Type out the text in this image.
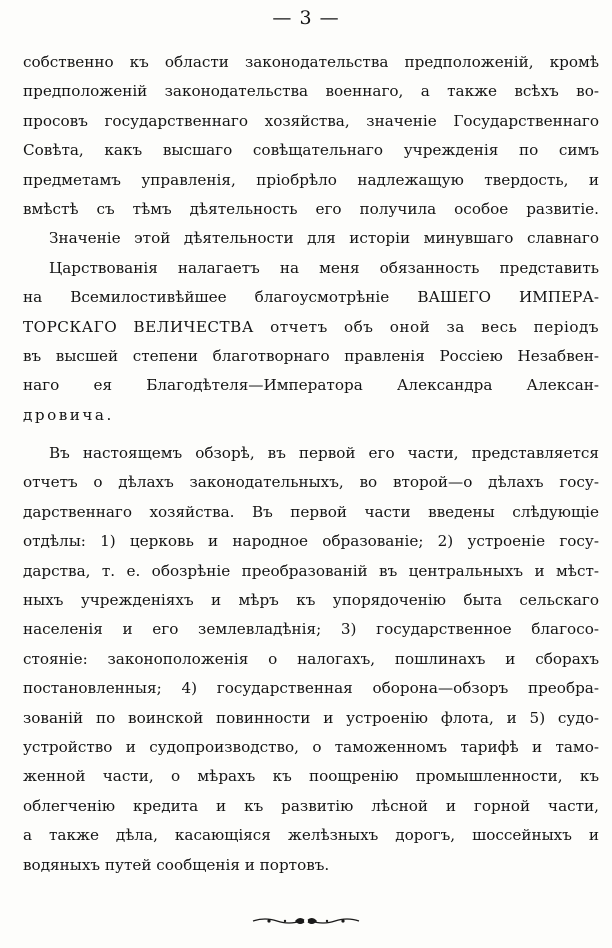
— 3 —
собственно къ области законодательства предположенiй, кромѣ
предположенiй законодательства военнаго, а также всѣхъ во-
просовъ государственнаго хозяйства, значенiе Государственнаго
Совѣта, какъ высшаго совѣщательнаго учрежденiя по симъ
предметамъ управленiя, прiобрѣло надлежащую твердость, и
вмѣстѣ съ тѣмъ дѣятельность его получила особое развитiе.
Значенiе этой дѣятельности для исторiи минувшаго славнаго
Царствованiя налагаетъ на меня обязанность представить
на Всемилостивѣйшее благоусмотрѣнiе ВАШЕГО ИМПЕРА-
ТОРСКАГО ВЕЛИЧЕСТВА отчетъ объ оной за весь перiодъ
въ высшей степени благотворнаго правленiя Россiею Незабвен-
наго ея Благодѣтеля—Императора Александра Алексан-
дровича.
Въ настоящемъ обзорѣ, въ первой его части, представляется
отчетъ о дѣлахъ законодательныхъ, во второй—о дѣлахъ госу-
дарственнаго хозяйства. Въ первой части введены слѣдующiе
отдѣлы: 1) церковь и народное образованiе; 2) устроенiе госу-
дарства, т. е. обозрѣнiе преобразованiй въ центральныхъ и мѣст-
ныхъ учрежденiяхъ и мѣръ къ упорядоченiю быта сельскаго
населенiя и его землевладѣнiя; 3) государственное благосо-
стоянiе: законоположенiя о налогахъ, пошлинахъ и сборахъ
постановленныя; 4) государственная оборона—обзоръ преобра-
зованiй по воинской повинности и устроенiю флота, и 5) судо-
устройство и судопроизводство, о таможенномъ тарифѣ и тамо-
женной части, о мѣрахъ къ поощренiю промышленности, къ
облегченiю кредита и къ развитiю лѣсной и горной части,
а также дѣла, касающiяся желѣзныхъ дорогъ, шоссейныхъ и
водяныхъ путей сообщенiя и портовъ.
